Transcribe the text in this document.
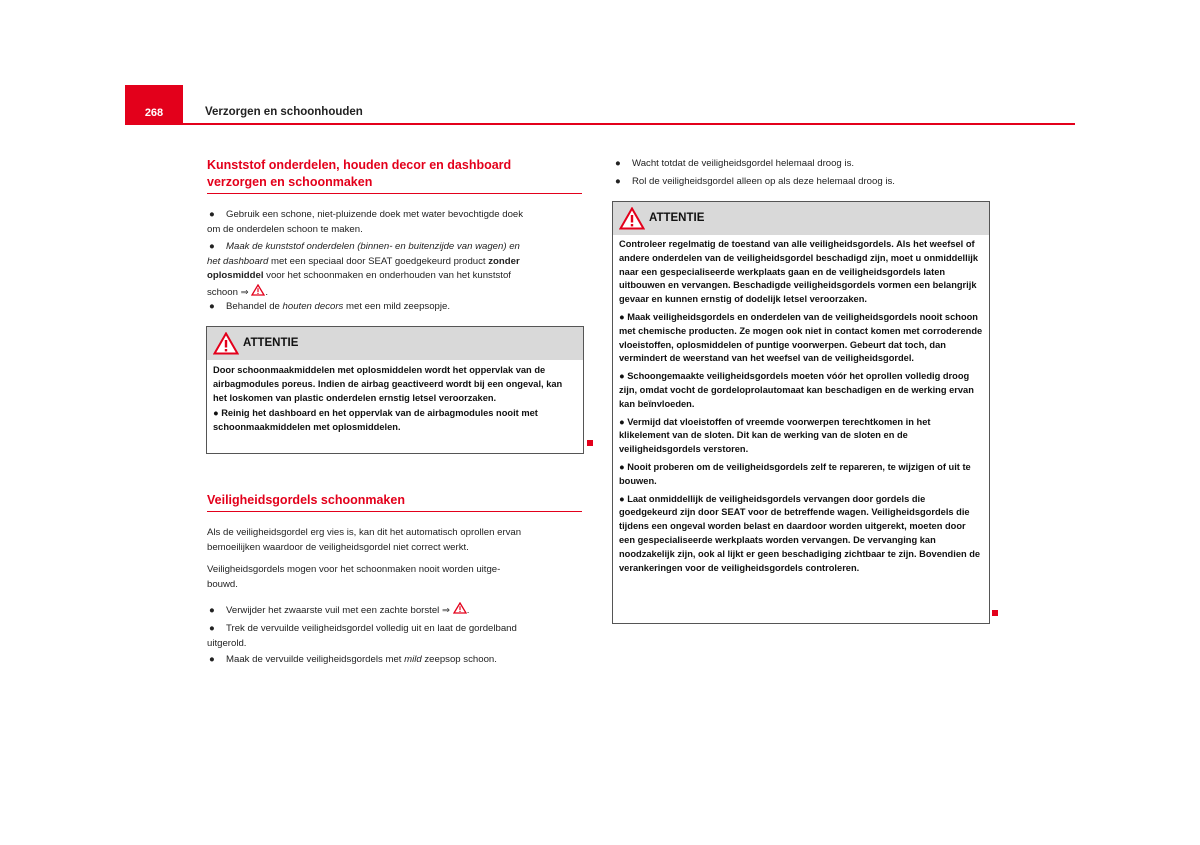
268	Verzorgen en schoonhouden
Kunststof onderdelen, houden decor en dashboard
verzorgen en schoonmaken
● Gebruik een schone, niet-pluizende doek met water bevochtigde doek
om de onderdelen schoon te maken.
● Maak de kunststof onderdelen (binnen- en buitenzijde van wagen) en
het dashboard met een speciaal door SEAT goedgekeurd product zonder
oplosmiddel voor het schoonmaken en onderhouden van het kunststof
schoon ⇒ .
● Behandel de houten decors met een mild zeepsopje.
ATTENTIE

Door schoonmaakmiddelen met oplosmiddelen wordt het oppervlak van de airbagmodules poreus. Indien de airbag geactiveerd wordt bij een ongeval, kan het loskomen van plastic onderdelen ernstig letsel veroorzaken.

● Reinig het dashboard en het oppervlak van de airbagmodules nooit met schoonmaakmiddelen met oplosmiddelen.

Veiligheidsgordels schoonmaken
Als de veiligheidsgordel erg vies is, kan dit het automatisch oprollen ervan
bemoeilijken waardoor de veiligheidsgordel niet correct werkt.
Veiligheidsgordels mogen voor het schoonmaken nooit worden uitge-
bouwd.
● Verwijder het zwaarste vuil met een zachte borstel ⇒ .
● Trek de vervuilde veiligheidsgordel volledig uit en laat de gordelband
uitgerold.
● Maak de vervuilde veiligheidsgordels met mild zeepsop schoon.
● Wacht totdat de veiligheidsgordel helemaal droog is.
● Rol de veiligheidsgordel alleen op als deze helemaal droog is.
ATTENTIE

Controleer regelmatig de toestand van alle veiligheidsgordels. Als het weefsel of andere onderdelen van de veiligheidsgordel beschadigd zijn, moet u onmiddellijk naar een gespecialiseerde werkplaats gaan en de veiligheidsgordels laten uitbouwen en vervangen. Beschadigde veiligheidsgordels vormen een belangrijk gevaar en kunnen ernstig of dodelijk letsel veroorzaken.

● Maak veiligheidsgordels en onderdelen van de veiligheidsgordels nooit schoon met chemische producten. Ze mogen ook niet in contact komen met corroderende vloeistoffen, oplosmiddelen of puntige voorwerpen. Gebeurt dat toch, dan vermindert de weerstand van het weefsel van de veiligheidsgordel.

● Schoongemaakte veiligheidsgordels moeten vóór het oprollen volledig droog zijn, omdat vocht de gordeloprolautomaat kan beschadigen en de werking ervan kan beïnvloeden.

● Vermijd dat vloeistoffen of vreemde voorwerpen terechtkomen in het klikelement van de sloten. Dit kan de werking van de sloten en de veiligheidsgordels verstoren.

● Nooit proberen om de veiligheidsgordels zelf te repareren, te wijzigen of uit te bouwen.

● Laat onmiddellijk de veiligheidsgordels vervangen door gordels die goedgekeurd zijn door SEAT voor de betreffende wagen. Veiligheidsgordels die tijdens een ongeval worden belast en daardoor worden uitgerekt, moeten door een gespecialiseerde werkplaats worden vervangen. De vervanging kan noodzakelijk zijn, ook al lijkt er geen beschadiging zichtbaar te zijn. Bovendien de verankeringen voor de veiligheidsgordels controleren.
